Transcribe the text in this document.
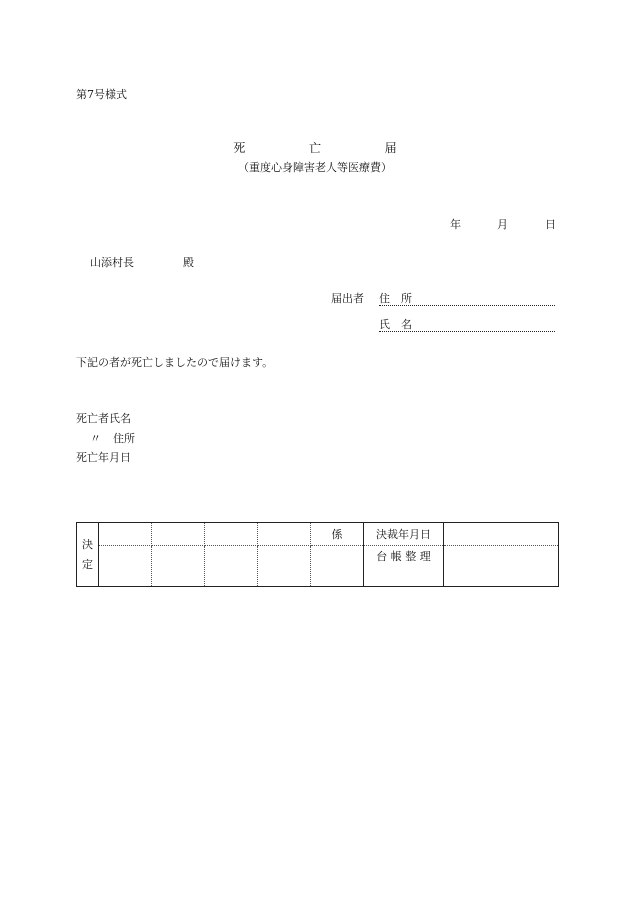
第7号様式
死	亡	届
（重度心身障害老人等医療費）
年	月	日
山添村長	殿
届出者 住　所
氏　名
下記の者が死亡しましたので届けます。
死亡者氏名
〃 住所
死亡年月日
決
定					係	決裁年月日	
						台 帳 整 理	
